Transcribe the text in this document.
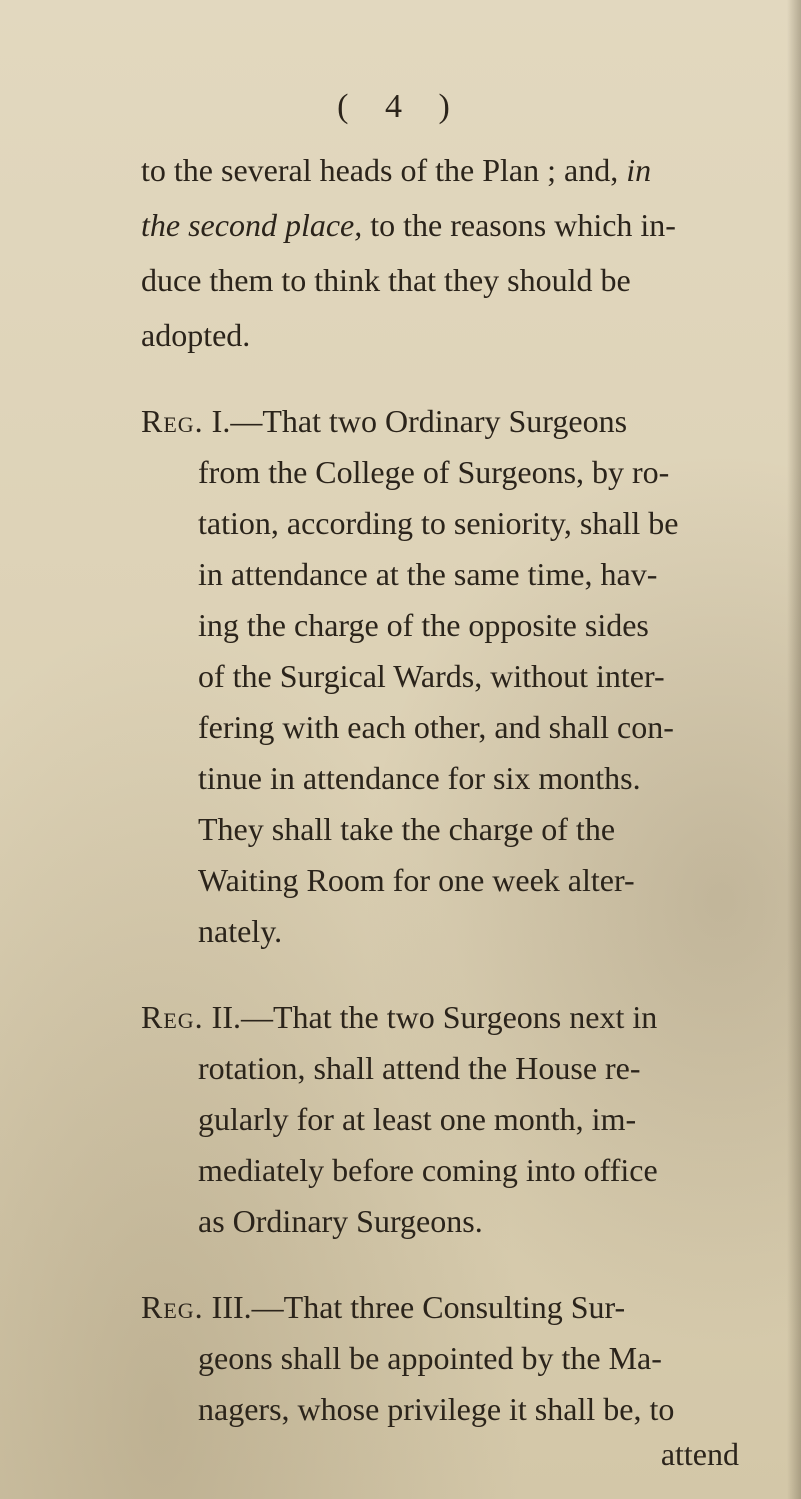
( 4 )
to the several heads of the Plan ; and, in
the second place, to the reasons which in-
duce them to think that they should be
adopted.
Reg. I.—That two Ordinary Surgeons
from the College of Surgeons, by ro-
tation, according to seniority, shall be
in attendance at the same time, hav-
ing the charge of the opposite sides
of the Surgical Wards, without inter-
fering with each other, and shall con-
tinue in attendance for six months.
They shall take the charge of the
Waiting Room for one week alter-
nately.
Reg. II.—That the two Surgeons next in
rotation, shall attend the House re-
gularly for at least one month, im-
mediately before coming into office
as Ordinary Surgeons.
Reg. III.—That three Consulting Sur-
geons shall be appointed by the Ma-
nagers, whose privilege it shall be, to
attend
